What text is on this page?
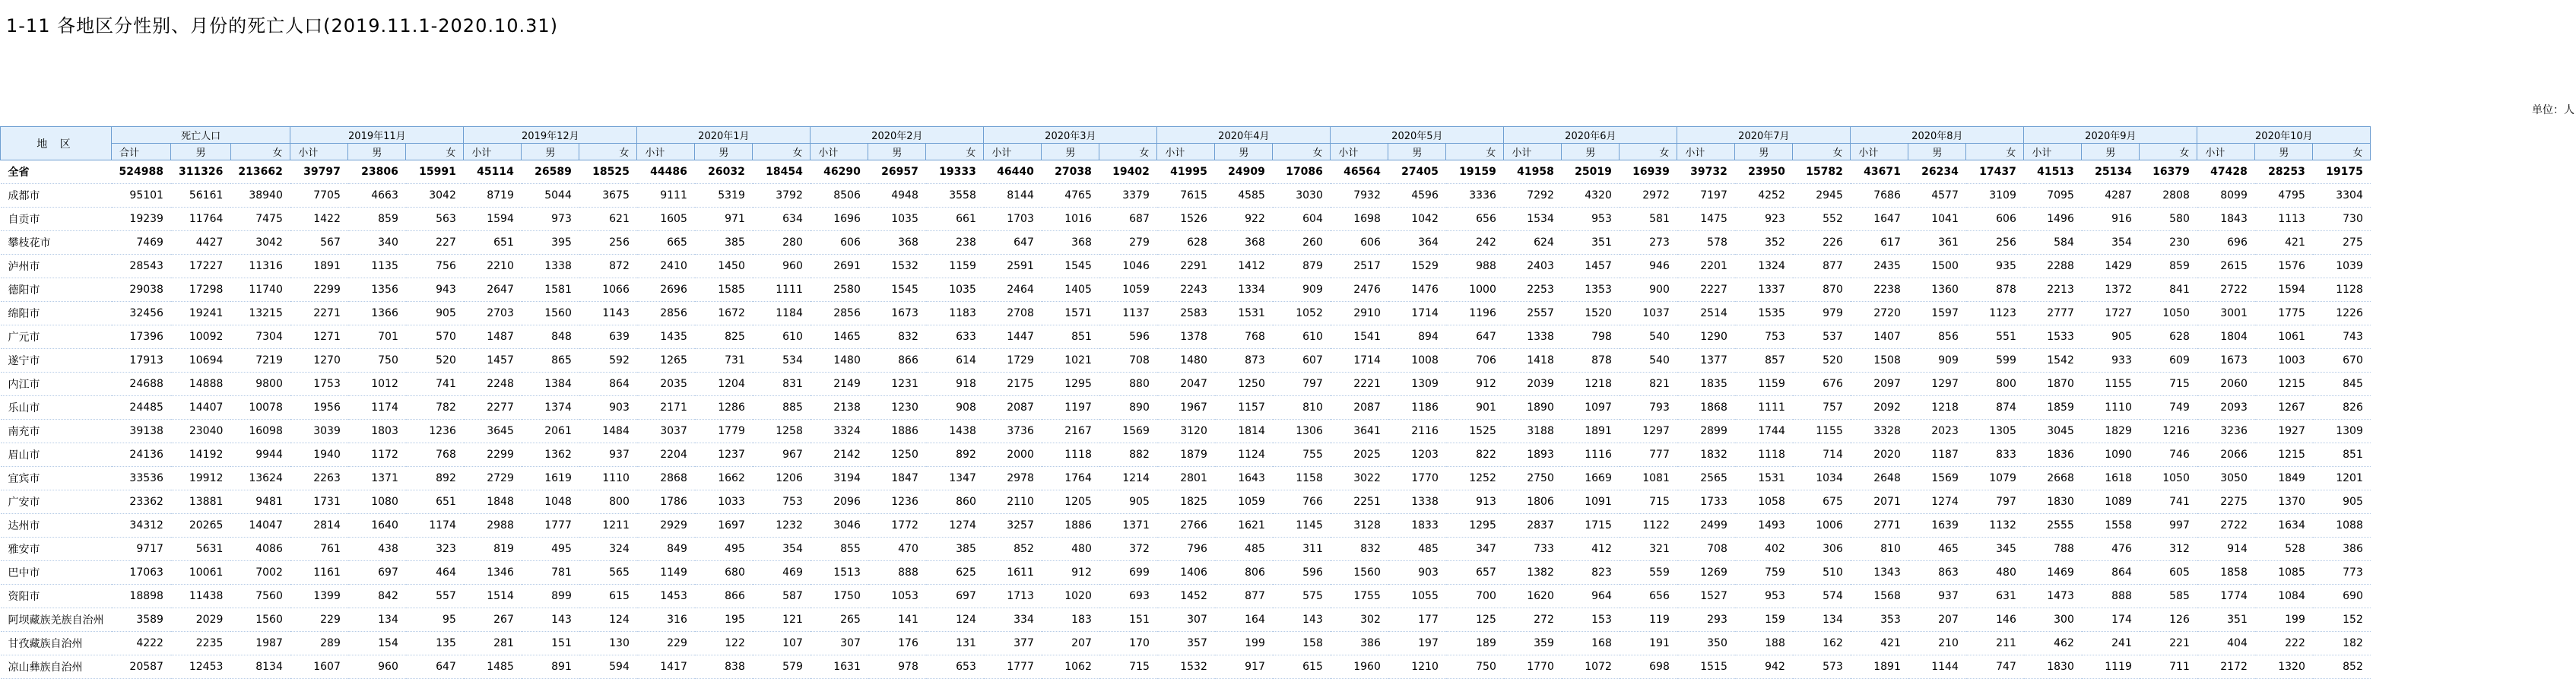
1-11 各地区分性别、月份的死亡人口(2019.11.1-2020.10.31)
单位：人
地 区	死亡人口			2019年11月			2019年12月			2020年1月			2020年2月			2020年3月			2020年4月			2020年5月			2020年6月			2020年7月			2020年8月			2020年9月			2020年10月		
	合计	男	女	小计	男	女	小计	男	女	小计	男	女	小计	男	女	小计	男	女	小计	男	女	小计	男	女	小计	男	女	小计	男	女	小计	男	女	小计	男	女	小计	男	女
全省	524988	311326	213662	39797	23806	15991	45114	26589	18525	44486	26032	18454	46290	26957	19333	46440	27038	19402	41995	24909	17086	46564	27405	19159	41958	25019	16939	39732	23950	15782	43671	26234	17437	41513	25134	16379	47428	28253	19175
成都市	95101	56161	38940	7705	4663	3042	8719	5044	3675	9111	5319	3792	8506	4948	3558	8144	4765	3379	7615	4585	3030	7932	4596	3336	7292	4320	2972	7197	4252	2945	7686	4577	3109	7095	4287	2808	8099	4795	3304
自贡市	19239	11764	7475	1422	859	563	1594	973	621	1605	971	634	1696	1035	661	1703	1016	687	1526	922	604	1698	1042	656	1534	953	581	1475	923	552	1647	1041	606	1496	916	580	1843	1113	730
攀枝花市	7469	4427	3042	567	340	227	651	395	256	665	385	280	606	368	238	647	368	279	628	368	260	606	364	242	624	351	273	578	352	226	617	361	256	584	354	230	696	421	275
泸州市	28543	17227	11316	1891	1135	756	2210	1338	872	2410	1450	960	2691	1532	1159	2591	1545	1046	2291	1412	879	2517	1529	988	2403	1457	946	2201	1324	877	2435	1500	935	2288	1429	859	2615	1576	1039
德阳市	29038	17298	11740	2299	1356	943	2647	1581	1066	2696	1585	1111	2580	1545	1035	2464	1405	1059	2243	1334	909	2476	1476	1000	2253	1353	900	2227	1337	870	2238	1360	878	2213	1372	841	2722	1594	1128
绵阳市	32456	19241	13215	2271	1366	905	2703	1560	1143	2856	1672	1184	2856	1673	1183	2708	1571	1137	2583	1531	1052	2910	1714	1196	2557	1520	1037	2514	1535	979	2720	1597	1123	2777	1727	1050	3001	1775	1226
广元市	17396	10092	7304	1271	701	570	1487	848	639	1435	825	610	1465	832	633	1447	851	596	1378	768	610	1541	894	647	1338	798	540	1290	753	537	1407	856	551	1533	905	628	1804	1061	743
遂宁市	17913	10694	7219	1270	750	520	1457	865	592	1265	731	534	1480	866	614	1729	1021	708	1480	873	607	1714	1008	706	1418	878	540	1377	857	520	1508	909	599	1542	933	609	1673	1003	670
内江市	24688	14888	9800	1753	1012	741	2248	1384	864	2035	1204	831	2149	1231	918	2175	1295	880	2047	1250	797	2221	1309	912	2039	1218	821	1835	1159	676	2097	1297	800	1870	1155	715	2060	1215	845
乐山市	24485	14407	10078	1956	1174	782	2277	1374	903	2171	1286	885	2138	1230	908	2087	1197	890	1967	1157	810	2087	1186	901	1890	1097	793	1868	1111	757	2092	1218	874	1859	1110	749	2093	1267	826
南充市	39138	23040	16098	3039	1803	1236	3645	2061	1484	3037	1779	1258	3324	1886	1438	3736	2167	1569	3120	1814	1306	3641	2116	1525	3188	1891	1297	2899	1744	1155	3328	2023	1305	3045	1829	1216	3236	1927	1309
眉山市	24136	14192	9944	1940	1172	768	2299	1362	937	2204	1237	967	2142	1250	892	2000	1118	882	1879	1124	755	2025	1203	822	1893	1116	777	1832	1118	714	2020	1187	833	1836	1090	746	2066	1215	851
宜宾市	33536	19912	13624	2263	1371	892	2729	1619	1110	2868	1662	1206	3194	1847	1347	2978	1764	1214	2801	1643	1158	3022	1770	1252	2750	1669	1081	2565	1531	1034	2648	1569	1079	2668	1618	1050	3050	1849	1201
广安市	23362	13881	9481	1731	1080	651	1848	1048	800	1786	1033	753	2096	1236	860	2110	1205	905	1825	1059	766	2251	1338	913	1806	1091	715	1733	1058	675	2071	1274	797	1830	1089	741	2275	1370	905
达州市	34312	20265	14047	2814	1640	1174	2988	1777	1211	2929	1697	1232	3046	1772	1274	3257	1886	1371	2766	1621	1145	3128	1833	1295	2837	1715	1122	2499	1493	1006	2771	1639	1132	2555	1558	997	2722	1634	1088
雅安市	9717	5631	4086	761	438	323	819	495	324	849	495	354	855	470	385	852	480	372	796	485	311	832	485	347	733	412	321	708	402	306	810	465	345	788	476	312	914	528	386
巴中市	17063	10061	7002	1161	697	464	1346	781	565	1149	680	469	1513	888	625	1611	912	699	1406	806	596	1560	903	657	1382	823	559	1269	759	510	1343	863	480	1469	864	605	1858	1085	773
资阳市	18898	11438	7560	1399	842	557	1514	899	615	1453	866	587	1750	1053	697	1713	1020	693	1452	877	575	1755	1055	700	1620	964	656	1527	953	574	1568	937	631	1473	888	585	1774	1084	690
阿坝藏族羌族自治州	3589	2029	1560	229	134	95	267	143	124	316	195	121	265	141	124	334	183	151	307	164	143	302	177	125	272	153	119	293	159	134	353	207	146	300	174	126	351	199	152
甘孜藏族自治州	4222	2235	1987	289	154	135	281	151	130	229	122	107	307	176	131	377	207	170	357	199	158	386	197	189	359	168	191	350	188	162	421	210	211	462	241	221	404	222	182
凉山彝族自治州	20587	12453	8134	1607	960	647	1485	891	594	1417	838	579	1631	978	653	1777	1062	715	1532	917	615	1960	1210	750	1770	1072	698	1515	942	573	1891	1144	747	1830	1119	711	2172	1320	852
